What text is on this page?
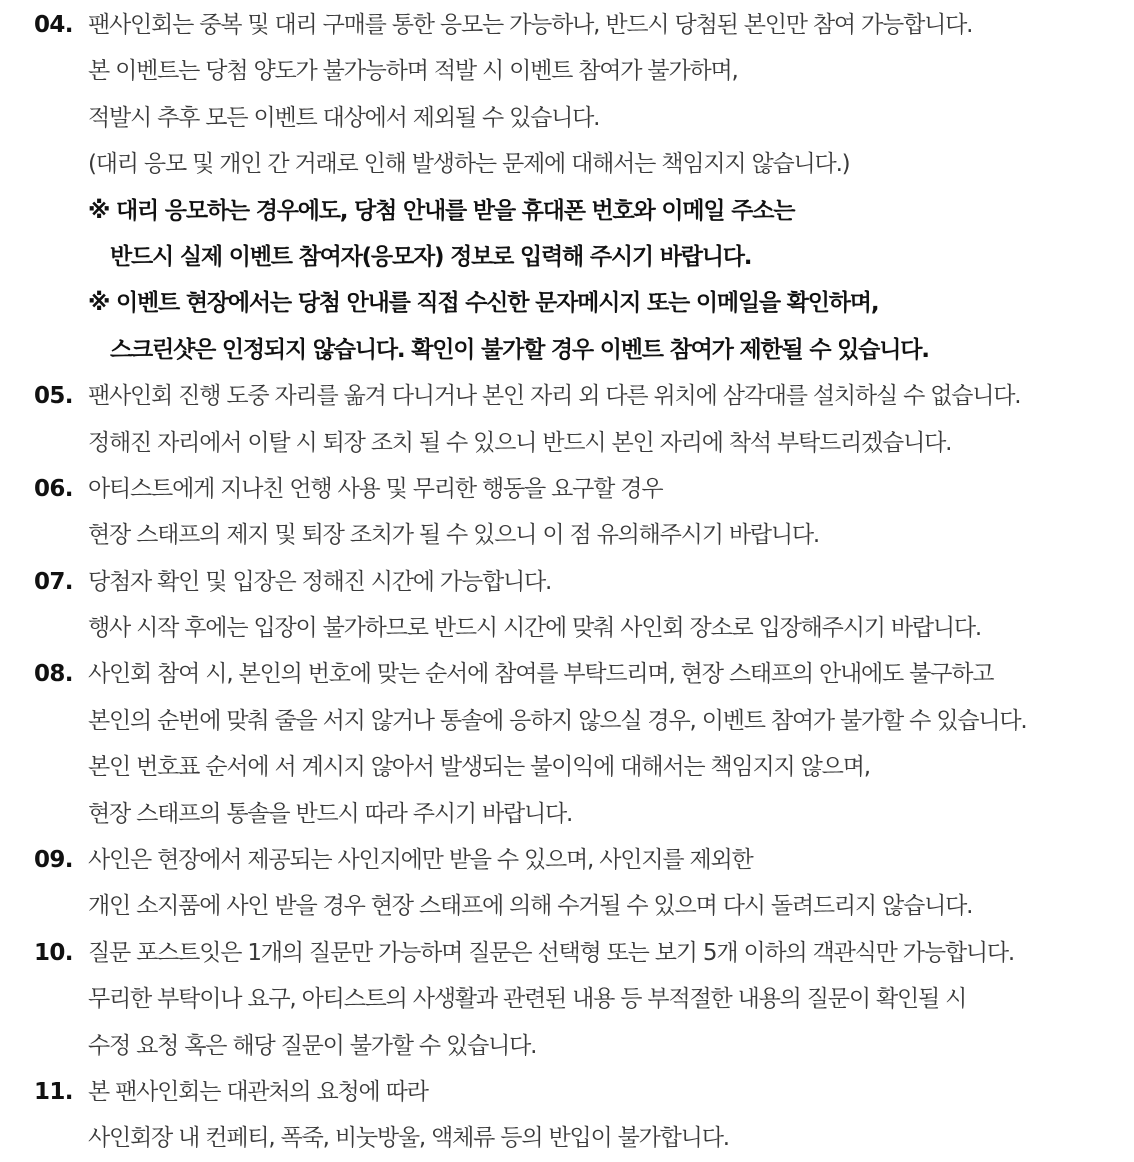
04. 팬사인회는 중복 및 대리 구매를 통한 응모는 가능하나, 반드시 당첨된 본인만 참여 가능합니다.
본 이벤트는 당첨 양도가 불가능하며 적발 시 이벤트 참여가 불가하며,
적발시 추후 모든 이벤트 대상에서 제외될 수 있습니다.
(대리 응모 및 개인 간 거래로 인해 발생하는 문제에 대해서는 책임지지 않습니다.)
※ 대리 응모하는 경우에도, 당첨 안내를 받을 휴대폰 번호와 이메일 주소는
반드시 실제 이벤트 참여자(응모자) 정보로 입력해 주시기 바랍니다.
※ 이벤트 현장에서는 당첨 안내를 직접 수신한 문자메시지 또는 이메일을 확인하며,
스크린샷은 인정되지 않습니다. 확인이 불가할 경우 이벤트 참여가 제한될 수 있습니다.
05. 팬사인회 진행 도중 자리를 옮겨 다니거나 본인 자리 외 다른 위치에 삼각대를 설치하실 수 없습니다.
정해진 자리에서 이탈 시 퇴장 조치 될 수 있으니 반드시 본인 자리에 착석 부탁드리겠습니다.
06. 아티스트에게 지나친 언행 사용 및 무리한 행동을 요구할 경우
현장 스태프의 제지 및 퇴장 조치가 될 수 있으니 이 점 유의해주시기 바랍니다.
07. 당첨자 확인 및 입장은 정해진 시간에 가능합니다.
행사 시작 후에는 입장이 불가하므로 반드시 시간에 맞춰 사인회 장소로 입장해주시기 바랍니다.
08. 사인회 참여 시, 본인의 번호에 맞는 순서에 참여를 부탁드리며, 현장 스태프의 안내에도 불구하고
본인의 순번에 맞춰 줄을 서지 않거나 통솔에 응하지 않으실 경우, 이벤트 참여가 불가할 수 있습니다.
본인 번호표 순서에 서 계시지 않아서 발생되는 불이익에 대해서는 책임지지 않으며,
현장 스태프의 통솔을 반드시 따라 주시기 바랍니다.
09. 사인은 현장에서 제공되는 사인지에만 받을 수 있으며, 사인지를 제외한
개인 소지품에 사인 받을 경우 현장 스태프에 의해 수거될 수 있으며 다시 돌려드리지 않습니다.
10. 질문 포스트잇은 1개의 질문만 가능하며 질문은 선택형 또는 보기 5개 이하의 객관식만 가능합니다.
무리한 부탁이나 요구, 아티스트의 사생활과 관련된 내용 등 부적절한 내용의 질문이 확인될 시
수정 요청 혹은 해당 질문이 불가할 수 있습니다.
11. 본 팬사인회는 대관처의 요청에 따라
사인회장 내 컨페티, 폭죽, 비눗방울, 액체류 등의 반입이 불가합니다.
